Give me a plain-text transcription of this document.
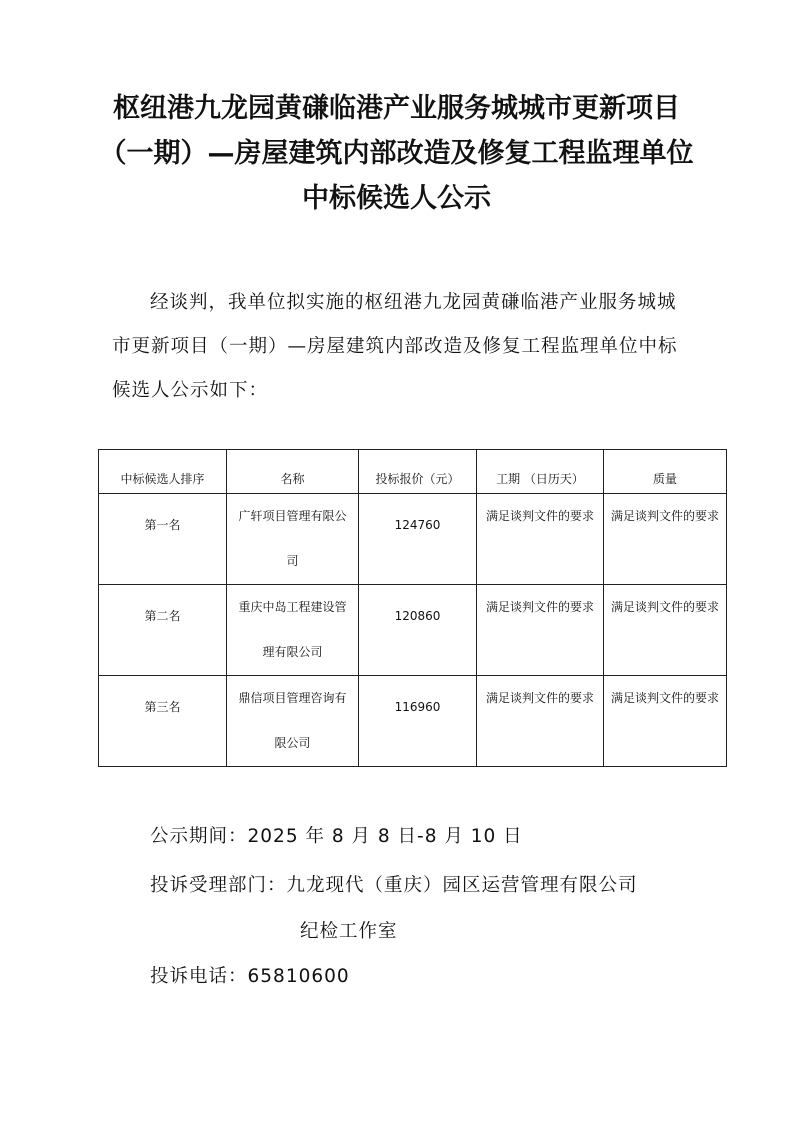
枢纽港九龙园黄磏临港产业服务城城市更新项目
（一期）—房屋建筑内部改造及修复工程监理单位
中标候选人公示
经谈判，我单位拟实施的枢纽港九龙园黄磏临港产业服务城城
市更新项目（一期）—房屋建筑内部改造及修复工程监理单位中标
候选人公示如下：
中标候选人排序	名称	投标报价（元）	工期 （日历天）	质量
第一名	广轩项目管理有限公司	124760	满足谈判文件的要求	满足谈判文件的要求
第二名	重庆中岛工程建设管理有限公司	120860	满足谈判文件的要求	满足谈判文件的要求
第三名	鼎信项目管理咨询有限公司	116960	满足谈判文件的要求	满足谈判文件的要求
公示期间：2025 年 8 月 8 日-8 月 10 日
投诉受理部门：九龙现代（重庆）园区运营管理有限公司
纪检工作室
投诉电话：65810600
